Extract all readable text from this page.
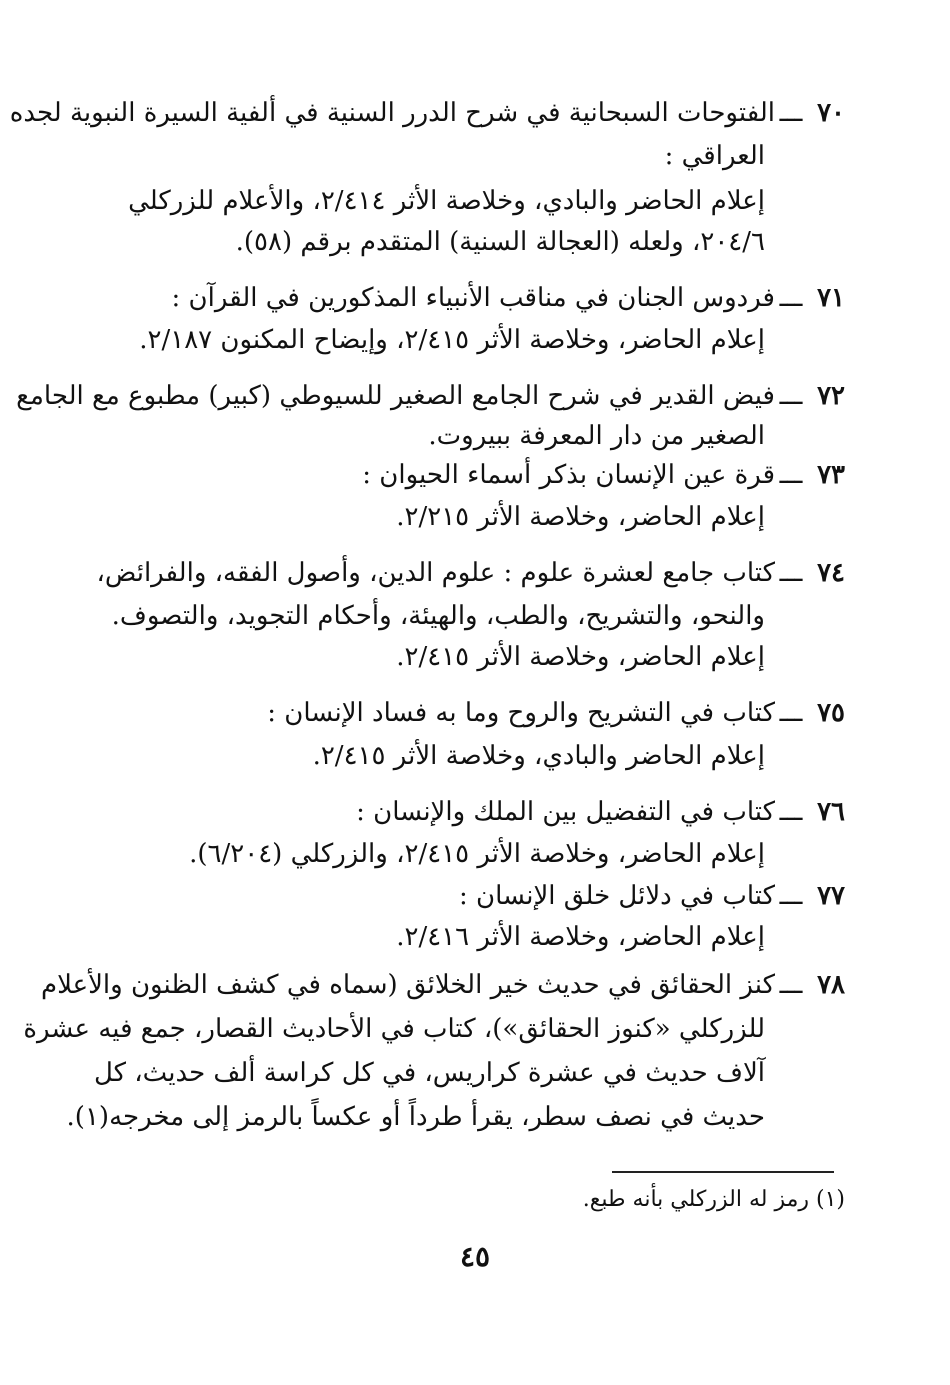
٧٠ـــالفتوحات السبحانية في شرح الدرر السنية في ألفية السيرة النبوية لجده
العراقي :
إعلام الحاضر والبادي، وخلاصة الأثر ٢/٤١٤، والأعلام للزركلي
٢٠٤/٦، ولعله (العجالة السنية) المتقدم برقم (٥٨).
٧١ـــفردوس الجنان في مناقب الأنبياء المذكورين في القرآن :
إعلام الحاضر، وخلاصة الأثر ٢/٤١٥، وإيضاح المكنون ٢/١٨٧.
٧٢ـــفيض القدير في شرح الجامع الصغير للسيوطي (كبير) مطبوع مع الجامع
الصغير من دار المعرفة ببيروت.
٧٣ـــقرة عين الإنسان بذكر أسماء الحيوان :
إعلام الحاضر، وخلاصة الأثر ٢/٢١٥.
٧٤ـــكتاب جامع لعشرة علوم : علوم الدين، وأصول الفقه، والفرائض،
والنحو، والتشريح، والطب، والهيئة، وأحكام التجويد، والتصوف.
إعلام الحاضر، وخلاصة الأثر ٢/٤١٥.
٧٥ـــكتاب في التشريح والروح وما به فساد الإنسان :
إعلام الحاضر والبادي، وخلاصة الأثر ٢/٤١٥.
٧٦ـــكتاب في التفضيل بين الملك والإنسان :
إعلام الحاضر، وخلاصة الأثر ٢/٤١٥، والزركلي (٦/٢٠٤).
٧٧ـــكتاب في دلائل خلق الإنسان :
إعلام الحاضر، وخلاصة الأثر ٢/٤١٦.
٧٨ـــكنز الحقائق في حديث خير الخلائق (سماه في كشف الظنون والأعلام
للزركلي «كنوز الحقائق»)، كتاب في الأحاديث القصار، جمع فيه عشرة
آلاف حديث في عشرة كراريس، في كل كراسة ألف حديث، كل
حديث في نصف سطر، يقرأ طرداً أو عكساً بالرمز إلى مخرجه(١).
(١) رمز له الزركلي بأنه طبع.
٤٥
